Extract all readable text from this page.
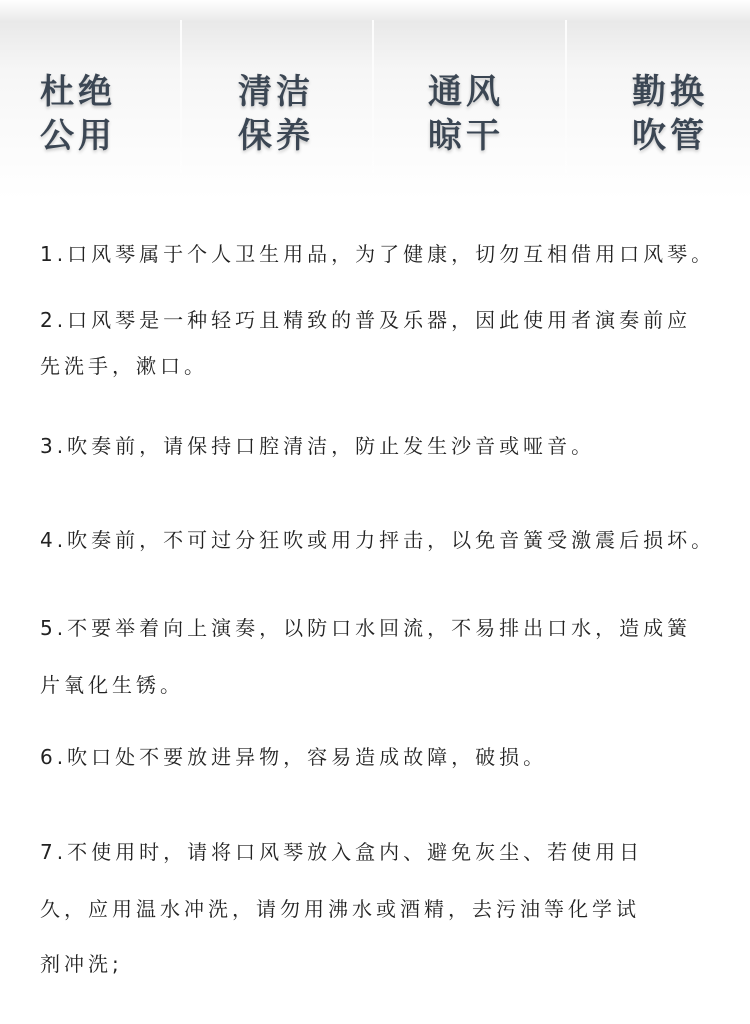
杜绝
公用
清洁
保养
通风
晾干
勤换
吹管
1.口风琴属于个人卫生用品，为了健康，切勿互相借用口风琴。
2.口风琴是一种轻巧且精致的普及乐器，因此使用者演奏前应
先洗手，漱口。
3.吹奏前，请保持口腔清洁，防止发生沙音或哑音。
4.吹奏前，不可过分狂吹或用力抨击，以免音簧受激震后损坏。
5.不要举着向上演奏，以防口水回流，不易排出口水，造成簧
片氧化生锈。
6.吹口处不要放进异物，容易造成故障，破损。
7.不使用时，请将口风琴放入盒内、避免灰尘、若使用日
久，应用温水冲洗，请勿用沸水或酒精，去污油等化学试
剂冲洗;
